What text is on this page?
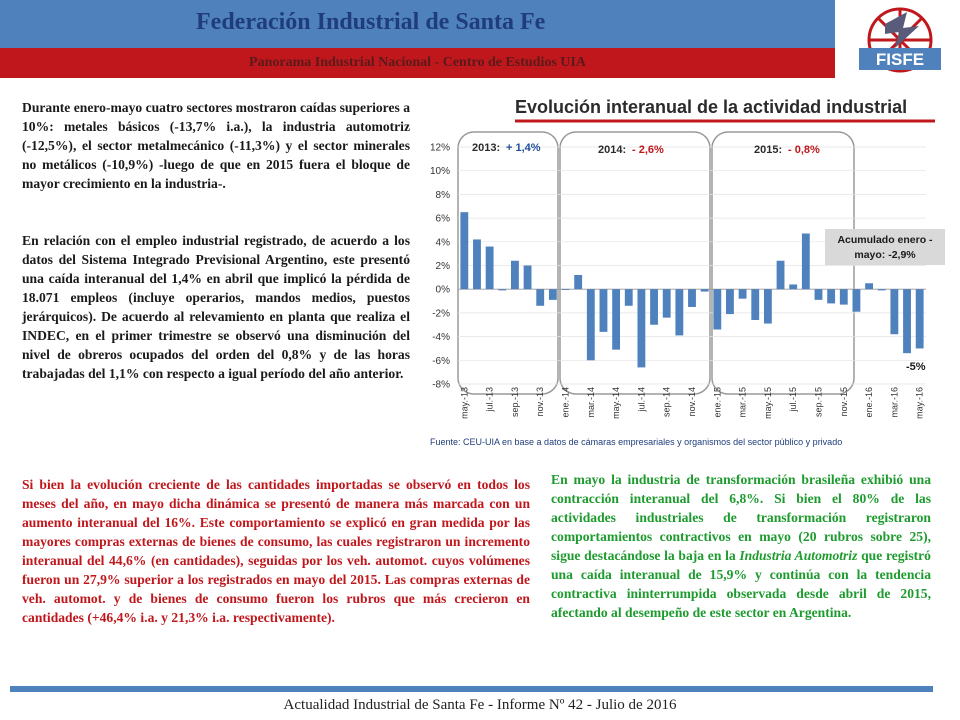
Federación Industrial de Santa Fe
Panorama Industrial Nacional - Centro de Estudios UIA	FISFE
Durante enero-mayo cuatro sectores mostraron caídas superiores a 10%: metales básicos (-13,7% i.a.), la industria automotriz (-12,5%), el sector metalmecánico (-11,3%) y el sector minerales no metálicos (-10,9%) -luego de que en 2015 fuera el bloque de mayor crecimiento en la industria-.
En relación con el empleo industrial registrado, de acuerdo a los datos del Sistema Integrado Previsional Argentino, este presentó una caída interanual del 1,4% en abril que implicó la pérdida de 18.071 empleos (incluye operarios, mandos medios, puestos jerárquicos). De acuerdo al relevamiento en planta que realiza el INDEC, en el primer trimestre se observó una disminución del nivel de obreros ocupados del orden del 0,8% y de las horas trabajadas del 1,1% con respecto a igual período del año anterior.
Si bien la evolución creciente de las cantidades importadas se observó en todos los meses del año, en mayo dicha dinámica se presentó de manera más marcada con un aumento interanual del 16%. Este comportamiento se explicó en gran medida por las mayores compras externas de bienes de consumo, las cuales registraron un incremento interanual del 44,6% (en cantidades), seguidas por los veh. automot. cuyos volúmenes fueron un 27,9% superior a los registrados en mayo del 2015. Las compras externas de veh. automot. y de bienes de consumo fueron los rubros que más crecieron en cantidades (+46,4% i.a. y 21,3% i.a. respectivamente).
En mayo la industria de transformación brasileña exhibió una contracción interanual del 6,8%. Si bien el 80% de las actividades industriales de transformación registraron comportamientos contractivos en mayo (20 rubros sobre 25), sigue destacándose la baja en la Industria Automotriz que registró una caída interanual de 15,9% y continúa con la tendencia contractiva ininterrumpida observada desde abril de 2015, afectando al desempeño de este sector en Argentina.
Evolución interanual de la actividad industrial
12%
10%
8%
6%
4%
2%
0%
-2%
-4%
-6%
-8%
may.-13 jul.-13 sep.-13 nov.-13 ene.-14 mar.-14 may.-14 jul.-14 sep.-14 nov.-14 ene.-15 mar.-15 may.-15 jul.-15 sep.-15 nov.-15 ene.-16 mar.-16 may.-16
2013: + 1,4%	2014: - 2,6%	2015: - 0,8%
Acumulado enero -
mayo: -2,9%
-5%
Fuente: CEU-UIA en base a datos de cámaras empresariales y organismos del sector público y privado
Actualidad Industrial de Santa Fe - Informe Nº 42 - Julio de 2016
